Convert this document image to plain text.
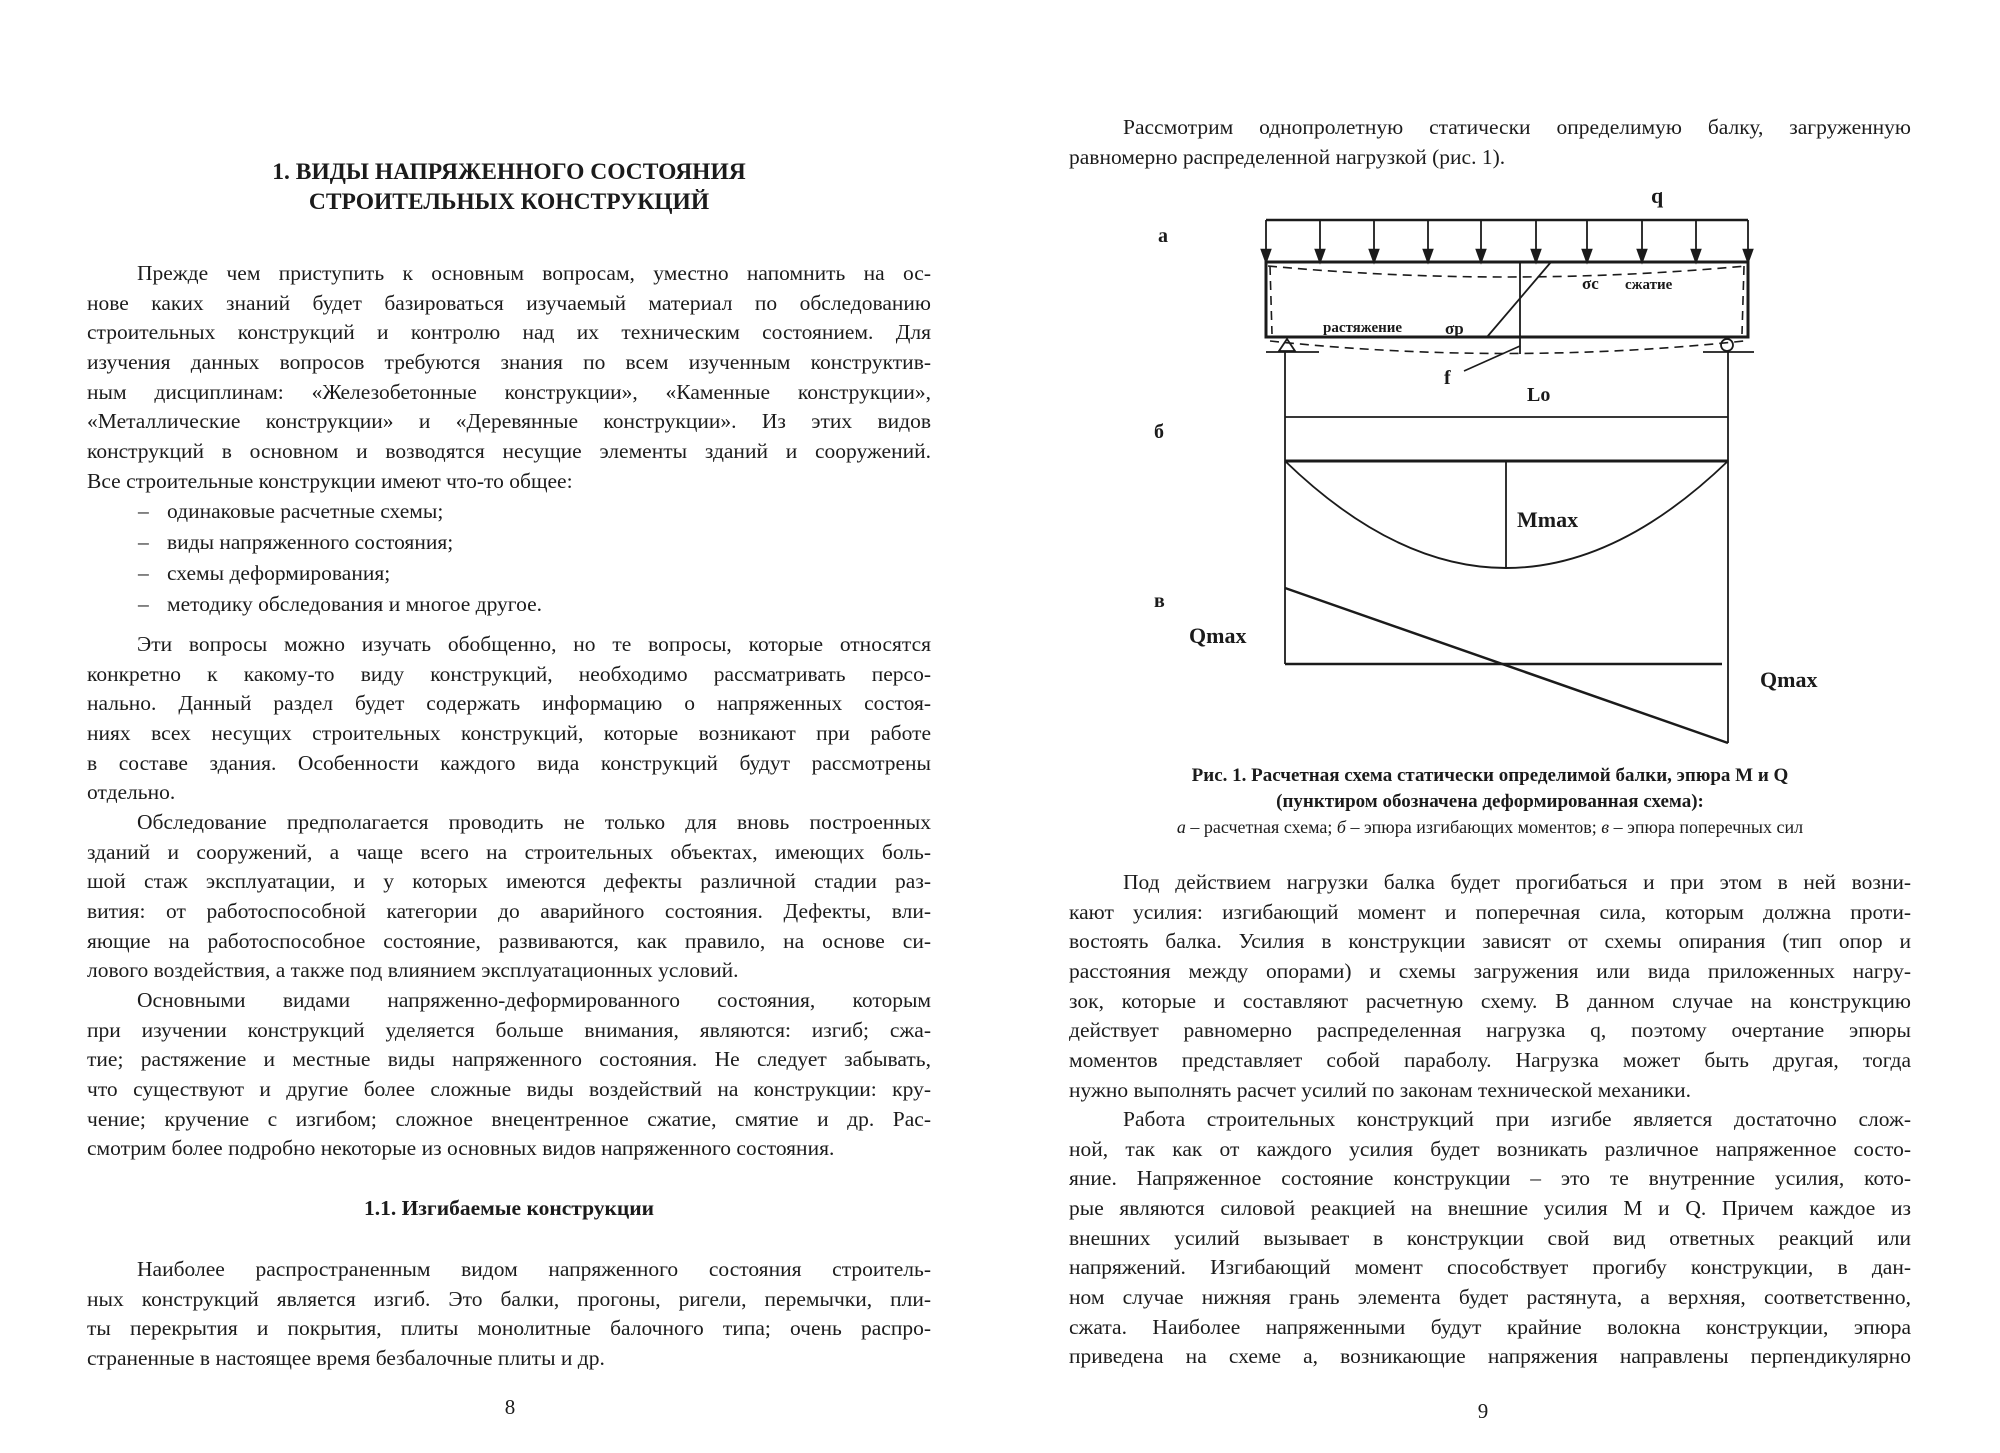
1. ВИДЫ НАПРЯЖЕННОГО СОСТОЯНИЯ
СТРОИТЕЛЬНЫХ КОНСТРУКЦИЙ
Прежде чем приступить к основным вопросам, уместно напомнить на ос-
нове каких знаний будет базироваться изучаемый материал по обследованию
строительных конструкций и контролю над их техническим состоянием. Для
изучения данных вопросов требуются знания по всем изученным конструктив-
ным дисциплинам: «Железобетонные конструкции», «Каменные конструкции»,
«Металлические конструкции» и «Деревянные конструкции». Из этих видов
конструкций в основном и возводятся несущие элементы зданий и сооружений.
Все строительные конструкции имеют что-то общее:
– одинаковые расчетные схемы;
– виды напряженного состояния;
– схемы деформирования;
– методику обследования и многое другое.
Эти вопросы можно изучать обобщенно, но те вопросы, которые относятся
конкретно к какому-то виду конструкций, необходимо рассматривать персо-
нально. Данный раздел будет содержать информацию о напряженных состоя-
ниях всех несущих строительных конструкций, которые возникают при работе
в составе здания. Особенности каждого вида конструкций будут рассмотрены
отдельно.
Обследование предполагается проводить не только для вновь построенных
зданий и сооружений, а чаще всего на строительных объектах, имеющих боль-
шой стаж эксплуатации, и у которых имеются дефекты различной стадии раз-
вития: от работоспособной категории до аварийного состояния. Дефекты, вли-
яющие на работоспособное состояние, развиваются, как правило, на основе си-
лового воздействия, а также под влиянием эксплуатационных условий.
Основными видами напряженно-деформированного состояния, которым
при изучении конструкций уделяется больше внимания, являются: изгиб; сжа-
тие; растяжение и местные виды напряженного состояния. Не следует забывать,
что существуют и другие более сложные виды воздействий на конструкции: кру-
чение; кручение с изгибом; сложное внецентренное сжатие, смятие и др. Рас-
смотрим более подробно некоторые из основных видов напряженного состояния.
1.1. Изгибаемые конструкции
Наиболее распространенным видом напряженного состояния строитель-
ных конструкций является изгиб. Это балки, прогоны, ригели, перемычки, пли-
ты перекрытия и покрытия, плиты монолитные балочного типа; очень распро-
страненные в настоящее время безбалочные плиты и др.
8
Рассмотрим однопролетную статически определимую балку, загруженную
равномерно распределенной нагрузкой (рис. 1).
а
б
в
q
σс сжатие
растяжение	σр
f
Lo
Mmax
Qmax
Qmax
Рис. 1. Расчетная схема статически определимой балки, эпюра M и Q
(пунктиром обозначена деформированная схема):
а – расчетная схема; б – эпюра изгибающих моментов; в – эпюра поперечных сил
Под действием нагрузки балка будет прогибаться и при этом в ней возни-
кают усилия: изгибающий момент и поперечная сила, которым должна проти-
востоять балка. Усилия в конструкции зависят от схемы опирания (тип опор и
расстояния между опорами) и схемы загружения или вида приложенных нагру-
зок, которые и составляют расчетную схему. В данном случае на конструкцию
действует равномерно распределенная нагрузка q, поэтому очертание эпюры
моментов представляет собой параболу. Нагрузка может быть другая, тогда
нужно выполнять расчет усилий по законам технической механики.
Работа строительных конструкций при изгибе является достаточно слож-
ной, так как от каждого усилия будет возникать различное напряженное состо-
яние. Напряженное состояние конструкции – это те внутренние усилия, кото-
рые являются силовой реакцией на внешние усилия M и Q. Причем каждое из
внешних усилий вызывает в конструкции свой вид ответных реакций или
напряжений. Изгибающий момент способствует прогибу конструкции, в дан-
ном случае нижняя грань элемента будет растянута, а верхняя, соответственно,
сжата. Наиболее напряженными будут крайние волокна конструкции, эпюра
приведена на схеме а, возникающие напряжения направлены перпендикулярно
9
